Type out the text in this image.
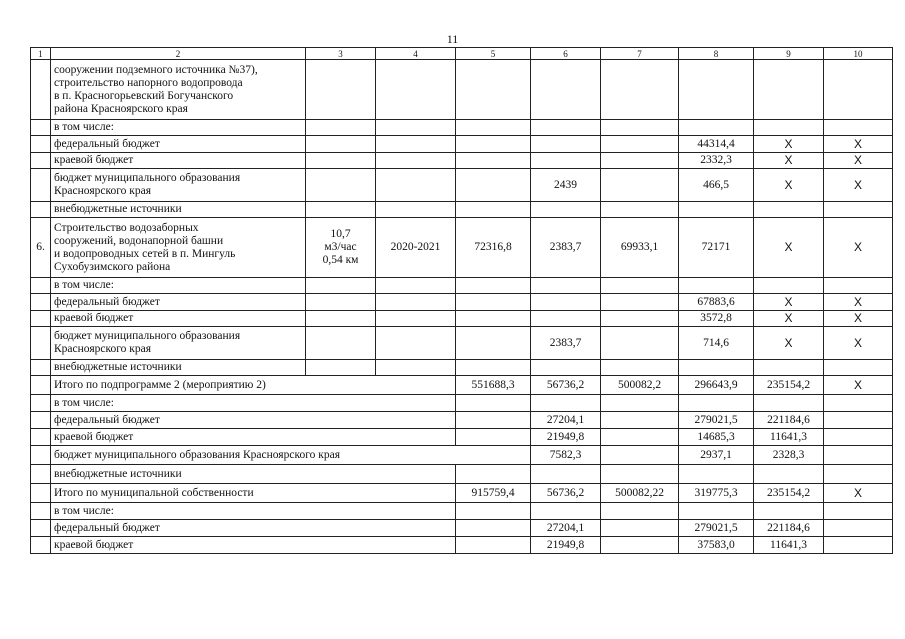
11
1	2	3	4	5	6	7	8	9	10
	сооружении подземного источника №37),
строительство напорного водопровода
в п. Красногорьевский Богучанского
района Красноярского края								
	в том числе:								
	федеральный бюджет						44314,4	X	X
	краевой бюджет						2332,3	X	X
	бюджет муниципального образования
Красноярского края				2439		466,5	X	X
	внебюджетные источники								
6.	Строительство водозаборных
сооружений, водонапорной башни
и водопроводных сетей в п. Мингуль
Сухобузимского района	10,7
м3/час
0,54 км	2020-2021	72316,8	2383,7	69933,1	72171	X	X
	в том числе:								
	федеральный бюджет						67883,6	X	X
	краевой бюджет						3572,8	X	X
	бюджет муниципального образования
Красноярского края				2383,7		714,6	X	X
	внебюджетные источники								
	Итого по подпрограмме 2 (мероприятию 2)			551688,3	56736,2	500082,2	296643,9	235154,2	X
	в том числе:								
	федеральный бюджет				27204,1		279021,5	221184,6	
	краевой бюджет				21949,8		14685,3	11641,3	
	бюджет муниципального образования Красноярского края				7582,3		2937,1	2328,3	
	внебюджетные источники								
	Итого по муниципальной собственности			915759,4	56736,2	500082,22	319775,3	235154,2	X
	в том числе:								
	федеральный бюджет				27204,1		279021,5	221184,6	
	краевой бюджет				21949,8		37583,0	11641,3	
